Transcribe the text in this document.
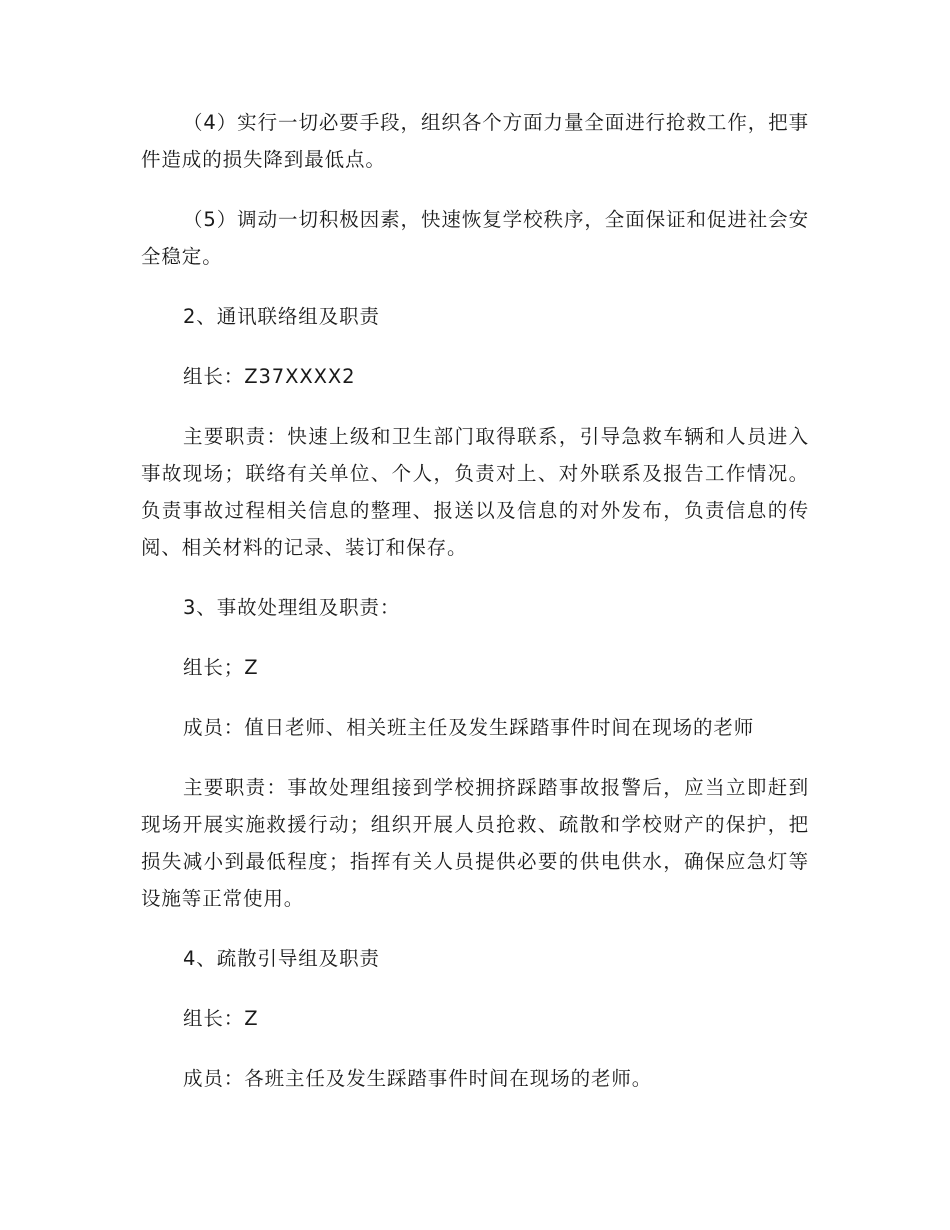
（4）实行一切必要手段，组织各个方面力量全面进行抢救工作，把事件造成的损失降到最低点。

（5）调动一切积极因素，快速恢复学校秩序，全面保证和促进社会安全稳定。

2、通讯联络组及职责

组长：Z37XXXX2

主要职责：快速上级和卫生部门取得联系，引导急救车辆和人员进入事故现场；联络有关单位、个人，负责对上、对外联系及报告工作情况。负责事故过程相关信息的整理、报送以及信息的对外发布，负责信息的传阅、相关材料的记录、装订和保存。

3、事故处理组及职责：

组长；Z

成员：值日老师、相关班主任及发生踩踏事件时间在现场的老师

主要职责：事故处理组接到学校拥挤踩踏事故报警后，应当立即赶到现场开展实施救援行动；组织开展人员抢救、疏散和学校财产的保护，把损失减小到最低程度；指挥有关人员提供必要的供电供水，确保应急灯等设施等正常使用。

4、疏散引导组及职责

组长：Z

成员：各班主任及发生踩踏事件时间在现场的老师。
